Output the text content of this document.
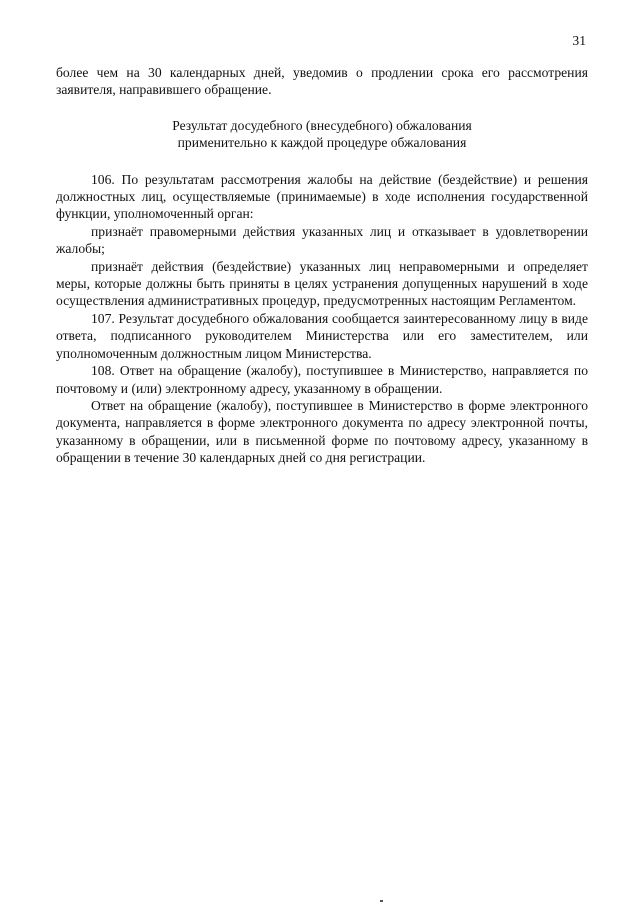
31

более чем на 30 календарных дней, уведомив о продлении срока его рассмотрения заявителя, направившего обращение.

Результат досудебного (внесудебного) обжалования
применительно к каждой процедуре обжалования

106. По результатам рассмотрения жалобы на действие (бездействие) и решения должностных лиц, осуществляемые (принимаемые) в ходе исполнения государственной функции, уполномоченный орган:

признаёт правомерными действия указанных лиц и отказывает в удовлетворении жалобы;

признаёт действия (бездействие) указанных лиц неправомерными и определяет меры, которые должны быть приняты в целях устранения допущенных нарушений в ходе осуществления административных процедур, предусмотренных настоящим Регламентом.

107. Результат досудебного обжалования сообщается заинтересованному лицу в виде ответа, подписанного руководителем Министерства или его заместителем, или уполномоченным должностным лицом Министерства.

108. Ответ на обращение (жалобу), поступившее в Министерство, направляется по почтовому и (или) электронному адресу, указанному в обращении.

Ответ на обращение (жалобу), поступившее в Министерство в форме электронного документа, направляется в форме электронного документа по адресу электронной почты, указанному в обращении, или в письменной форме по почтовому адресу, указанному в обращении в течение 30 календарных дней со дня регистрации.
